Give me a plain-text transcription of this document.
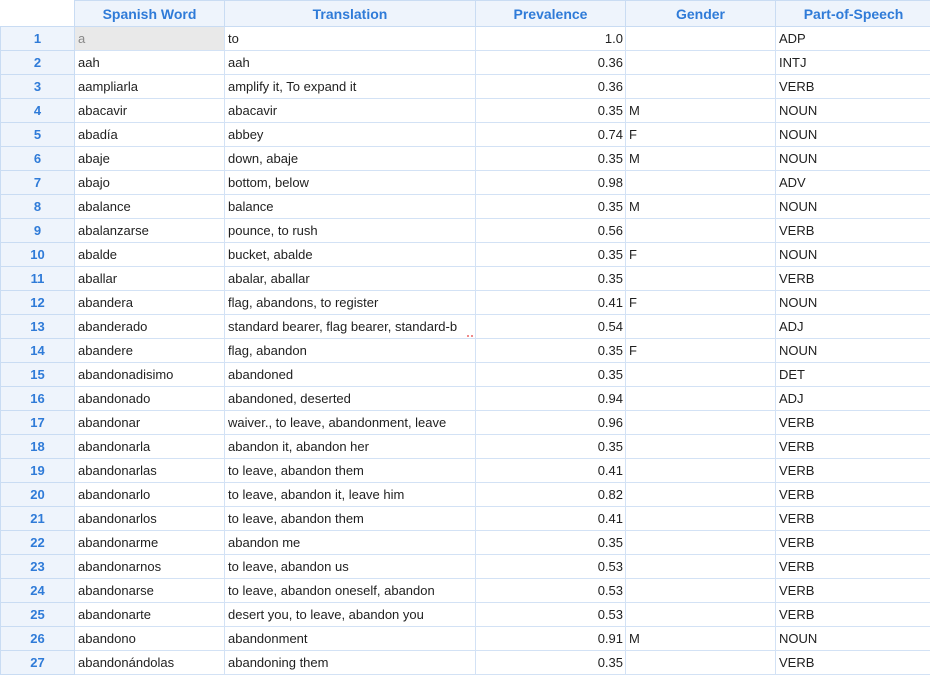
	Spanish Word	Translation	Prevalence	Gender	Part-of-Speech
1	a	to	1.0		ADP
2	aah	aah	0.36		INTJ
3	aampliarla	amplify it, To expand it	0.36		VERB
4	abacavir	abacavir	0.35	M	NOUN
5	abadía	abbey	0.74	F	NOUN
6	abaje	down, abaje	0.35	M	NOUN
7	abajo	bottom, below	0.98		ADV
8	abalance	balance	0.35	M	NOUN
9	abalanzarse	pounce, to rush	0.56		VERB
10	abalde	bucket, abalde	0.35	F	NOUN
11	aballar	abalar, aballar	0.35		VERB
12	abandera	flag, abandons, to register	0.41	F	NOUN
13	abanderado	standard bearer, flag bearer, standard-b	0.54		ADJ
14	abandere	flag, abandon	0.35	F	NOUN
15	abandonadisimo	abandoned	0.35		DET
16	abandonado	abandoned, deserted	0.94		ADJ
17	abandonar	waiver., to leave, abandonment, leave	0.96		VERB
18	abandonarla	abandon it, abandon her	0.35		VERB
19	abandonarlas	to leave, abandon them	0.41		VERB
20	abandonarlo	to leave, abandon it, leave him	0.82		VERB
21	abandonarlos	to leave, abandon them	0.41		VERB
22	abandonarme	abandon me	0.35		VERB
23	abandonarnos	to leave, abandon us	0.53		VERB
24	abandonarse	to leave, abandon oneself, abandon	0.53		VERB
25	abandonarte	desert you, to leave, abandon you	0.53		VERB
26	abandono	abandonment	0.91	M	NOUN
27	abandonándolas	abandoning them	0.35		VERB
